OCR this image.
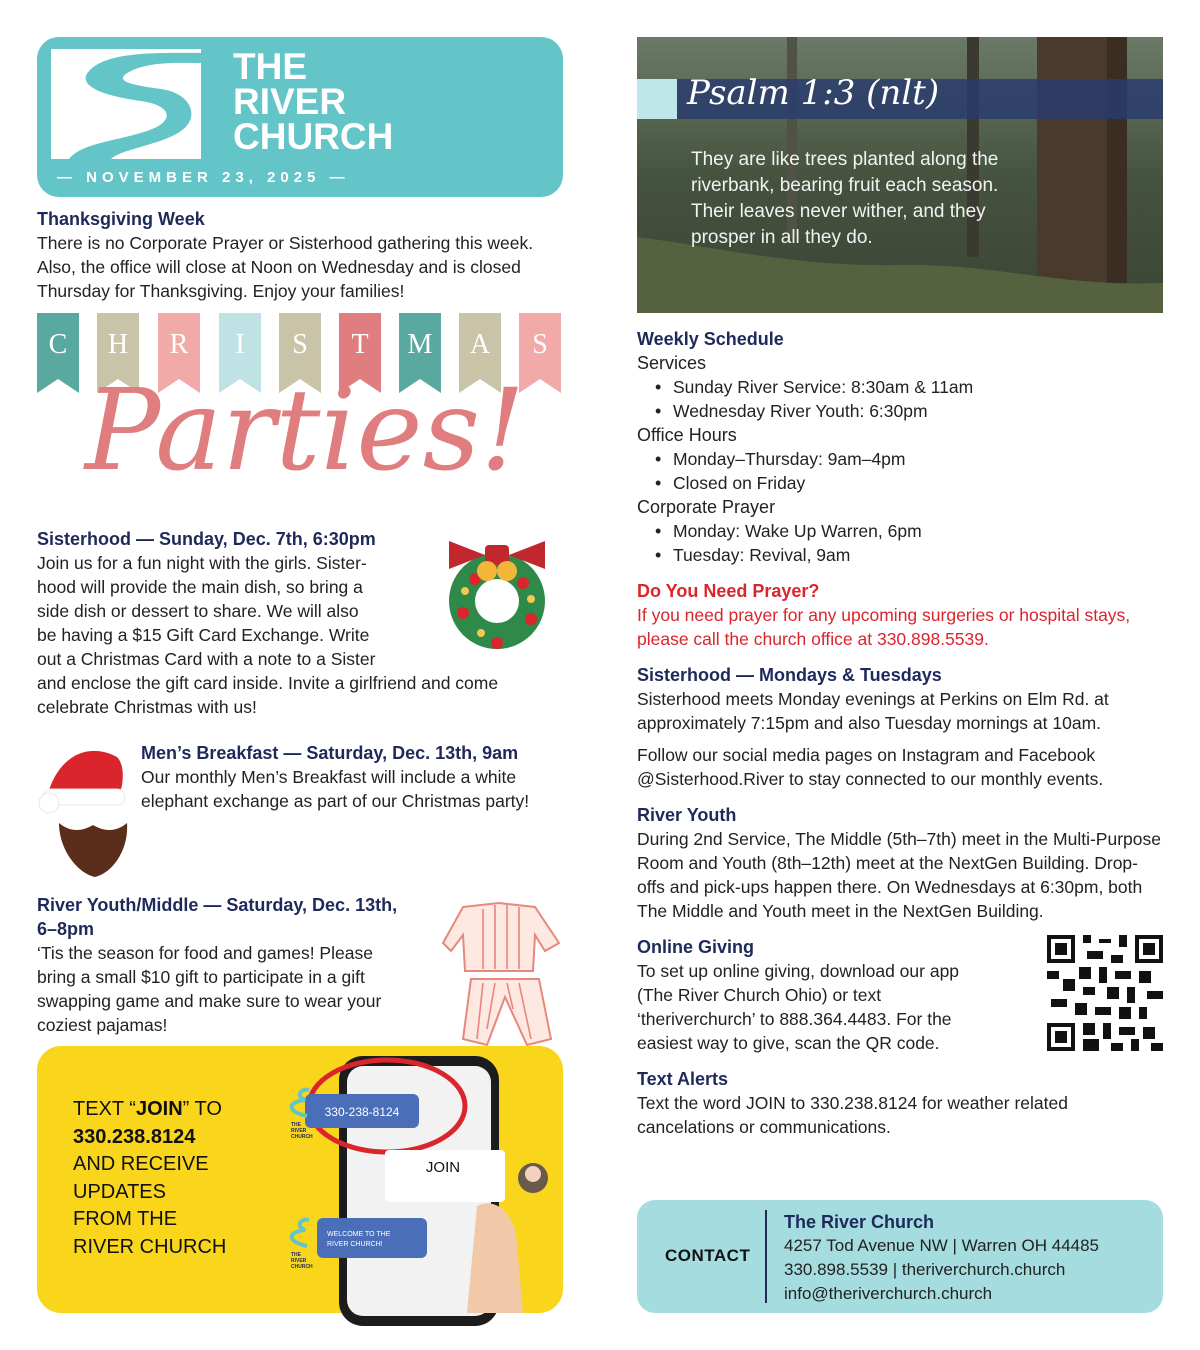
THE
RIVER
CHURCH
— NOVEMBER 23, 2025 —
Thanksgiving Week
There is no Corporate Prayer or Sisterhood gathering this week. Also, the office will close at Noon on Wednesday and is closed Thursday for Thanksgiving. Enjoy your families!
C	H	R	I	S	T	M	A	S
Parties!
Sisterhood — Sunday, Dec. 7th, 6:30pm
Join us for a fun night with the girls. Sister-
hood will provide the main dish, so bring a
side dish or dessert to share. We will also
be having a $15 Gift Card Exchange. Write
out a Christmas Card with a note to a Sister
and enclose the gift card inside. Invite a girlfriend and come
celebrate Christmas with us!
Men’s Breakfast — Saturday, Dec. 13th, 9am
Our monthly Men’s Breakfast will include a white elephant exchange as part of our Christmas party!
River Youth/Middle — Saturday, Dec. 13th,
6–8pm
‘Tis the season for food and games! Please
bring a small $10 gift to participate in a gift
swapping game and make sure to wear your
coziest pajamas!
TEXT “JOIN” TO
330.238.8124
AND RECEIVE
UPDATES
FROM THE
RIVER CHURCH
330-238-8124
JOIN
WELCOME TO THE
RIVER CHURCH!
THE
RIVER
CHURCH
THE
RIVER
CHURCH
Psalm 1:3 (nlt)
They are like trees planted along the
riverbank, bearing fruit each season.
Their leaves never wither, and they
prosper in all they do.
Weekly Schedule
Services
• Sunday River Service: 8:30am & 11am
• Wednesday River Youth: 6:30pm
Office Hours
• Monday–Thursday: 9am–4pm
• Closed on Friday
Corporate Prayer
• Monday: Wake Up Warren, 6pm
• Tuesday: Revival, 9am
Do You Need Prayer?
If you need prayer for any upcoming surgeries or hospital stays, please call the church office at 330.898.5539.
Sisterhood — Mondays & Tuesdays
Sisterhood meets Monday evenings at Perkins on Elm Rd. at approximately 7:15pm and also Tuesday mornings at 10am.
Follow our social media pages on Instagram and Facebook @Sisterhood.River to stay connected to our monthly events.
River Youth
During 2nd Service, The Middle (5th–7th) meet in the Multi-Purpose Room and Youth (8th–12th) meet at the NextGen Building. Drop-offs and pick-ups happen there. On Wednesdays at 6:30pm, both The Middle and Youth meet in the NextGen Building.
Online Giving
To set up online giving, download our app
(The River Church Ohio) or text
‘theriverchurch’ to 888.364.4483. For the
easiest way to give, scan the QR code.
Text Alerts
Text the word JOIN to 330.238.8124 for weather related cancelations or communications.
CONTACT
The River Church
4257 Tod Avenue NW | Warren OH 44485
330.898.5539 | theriverchurch.church
info@theriverchurch.church
